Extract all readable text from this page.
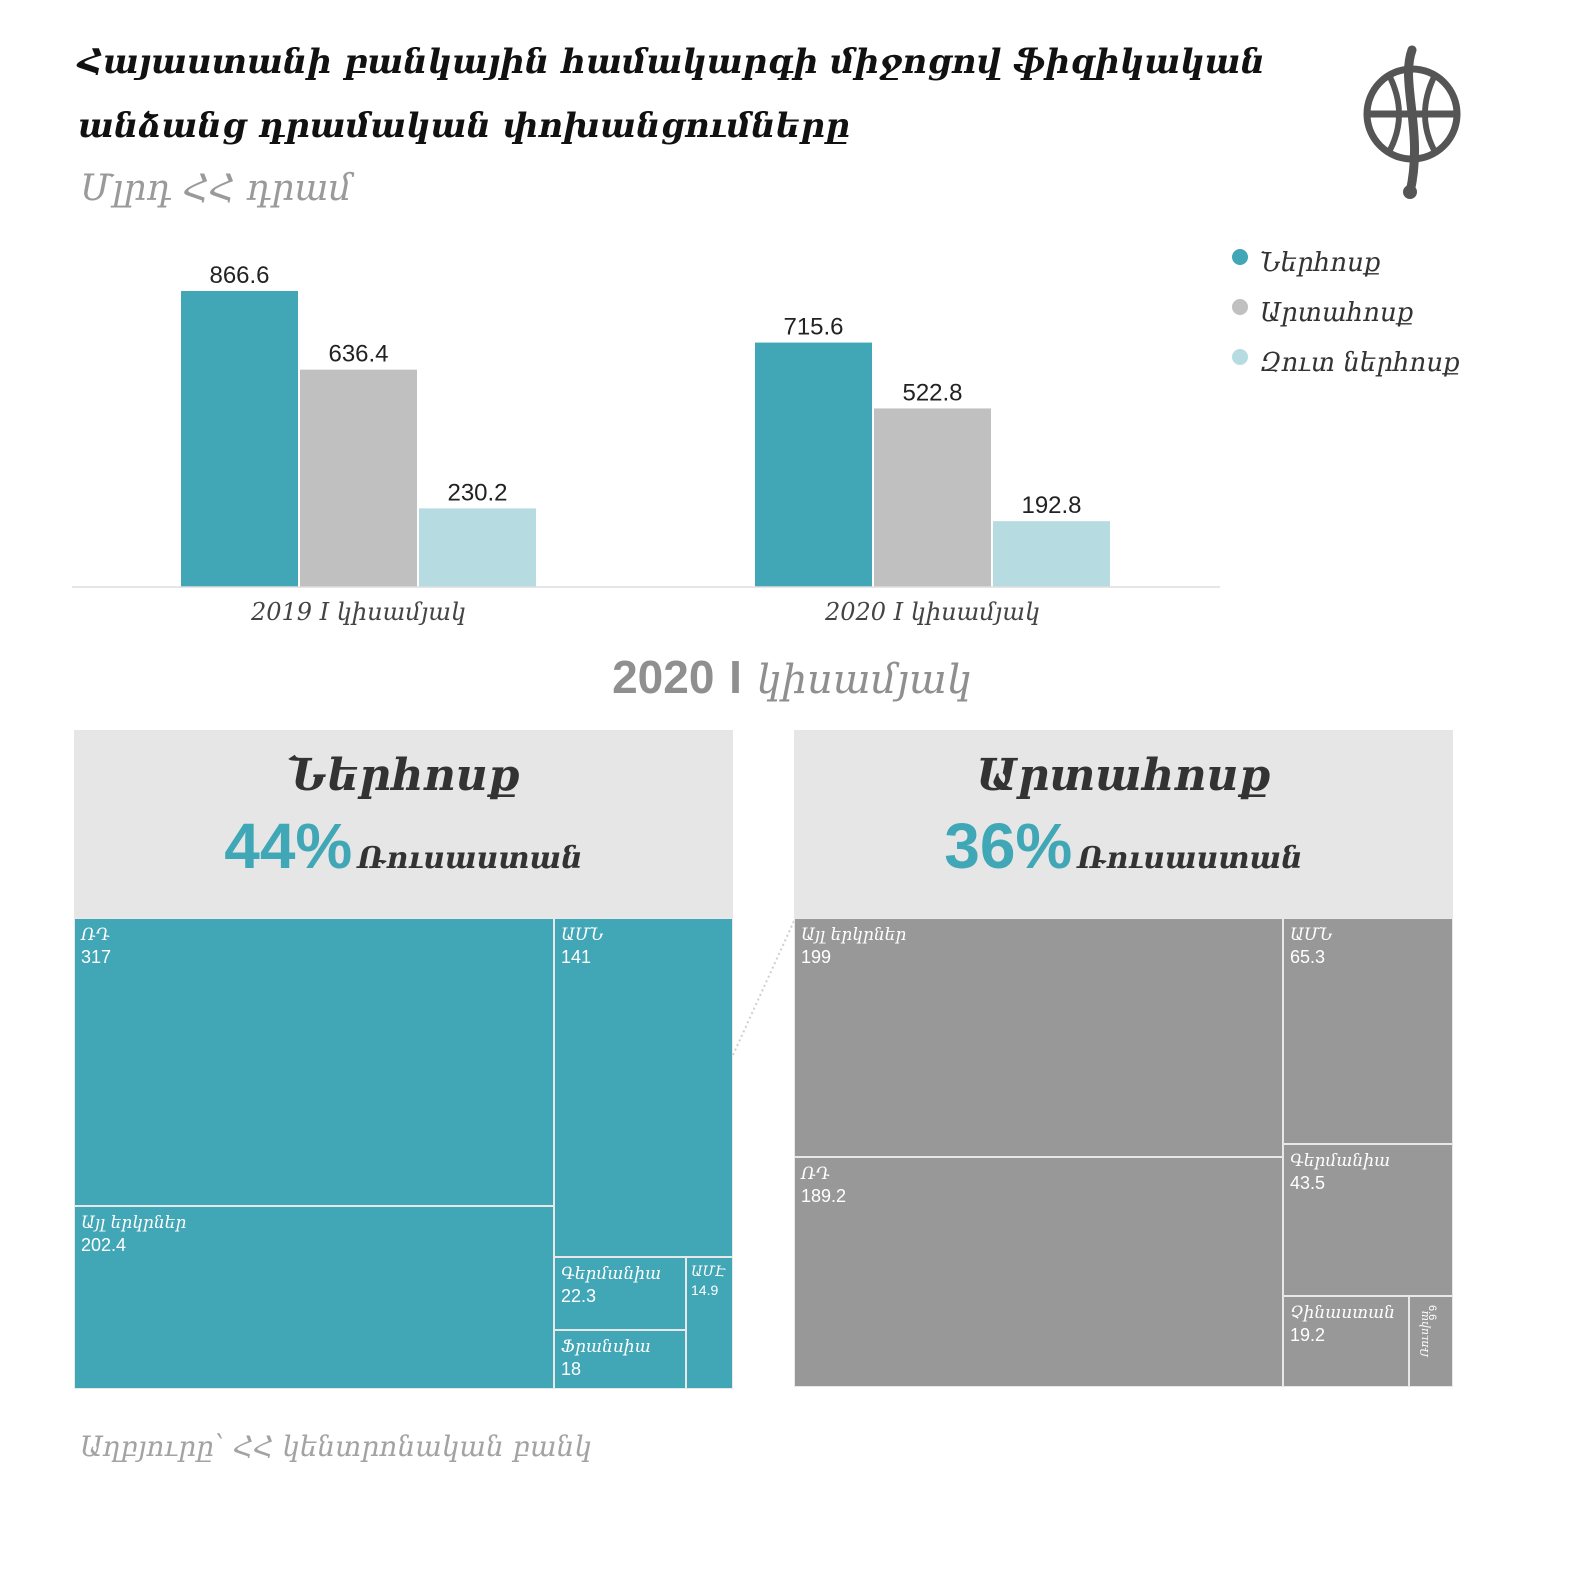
Հայաստանի բանկային համակարգի միջոցով ֆիզիկական անձանց դրամական փոխանցումները
Մլրդ ՀՀ դրամ
866.6
636.4
230.2
2019 I կիսամյակ
715.6
522.8
192.8
2020 I կիսամյակ
Ներհոսք
Արտահոսք
Զուտ ներհոսք
2020 I կիսամյակ
Ներհոսք
44% Ռուսաստան
ՌԴ
317
ԱՄՆ
141
Այլ երկրներ
202.4
Գերմանիա
22.3
ԱՄԷ
14.9
Ֆրանսիա
18
Արտահոսք
36% Ռուսաստան
Այլ երկրներ
199
ԱՄՆ
65.3
ՌԴ
189.2
Գերմանիա
43.5
Չինաստան
19.2	Ռուսիա
6.6
Աղբյուրը՝ ՀՀ կենտրոնական բանկ
